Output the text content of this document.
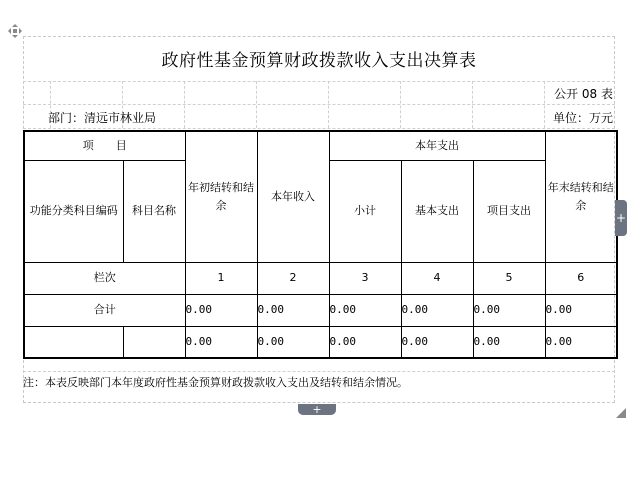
政府性基金预算财政拨款收入支出决算表
公开 08 表
部门：清远市林业局	单位：万元
项　　目		年初结转和结余	本年收入	本年支出			年末结转和结余
功能分类科目编码	科目名称			小计	基本支出	项目支出	
栏次		1	2	3	4	5	6
合计		0.00	0.00	0.00	0.00	0.00	0.00
		0.00	0.00	0.00	0.00	0.00	0.00
注：本表反映部门本年度政府性基金预算财政拨款收入支出及结转和结余情况。
+
+
